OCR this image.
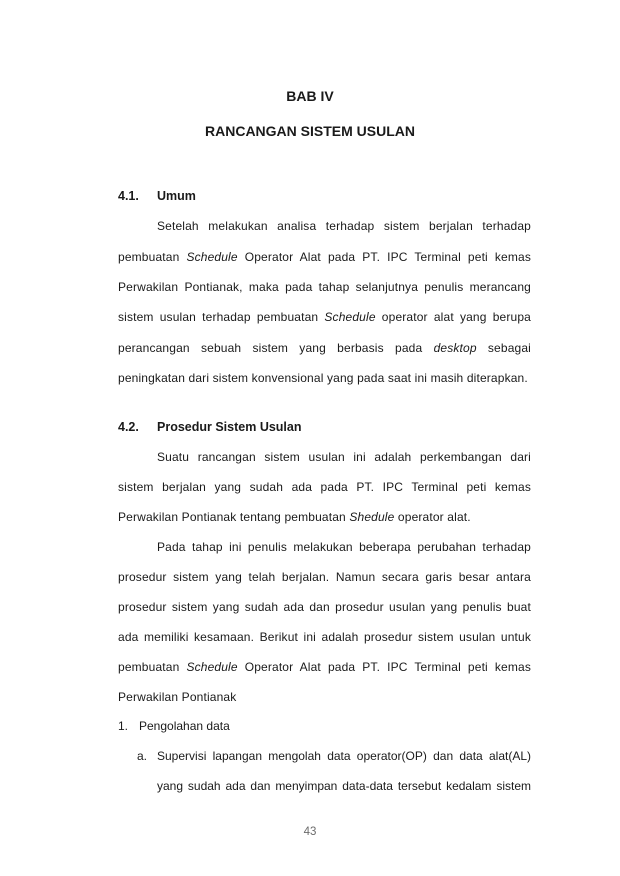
BAB IV
RANCANGAN SISTEM USULAN
4.1. Umum
Setelah melakukan analisa terhadap sistem berjalan terhadap
pembuatan Schedule Operator Alat pada PT. IPC Terminal peti kemas
Perwakilan Pontianak, maka pada tahap selanjutnya penulis merancang
sistem usulan terhadap pembuatan Schedule operator alat yang berupa
perancangan sebuah sistem yang berbasis pada desktop sebagai
peningkatan dari sistem konvensional yang pada saat ini masih diterapkan.
4.2. Prosedur Sistem Usulan
Suatu rancangan sistem usulan ini adalah perkembangan dari
sistem berjalan yang sudah ada pada PT. IPC Terminal peti kemas
Perwakilan Pontianak tentang pembuatan Shedule operator alat.
Pada tahap ini penulis melakukan beberapa perubahan terhadap
prosedur sistem yang telah berjalan. Namun secara garis besar antara
prosedur sistem yang sudah ada dan prosedur usulan yang penulis buat
ada memiliki kesamaan. Berikut ini adalah prosedur sistem usulan untuk
pembuatan Schedule Operator Alat pada PT. IPC Terminal peti kemas
Perwakilan Pontianak
1. Pengolahan data
a. Supervisi lapangan mengolah data operator(OP) dan data alat(AL)
yang sudah ada dan menyimpan data-data tersebut kedalam sistem
43
